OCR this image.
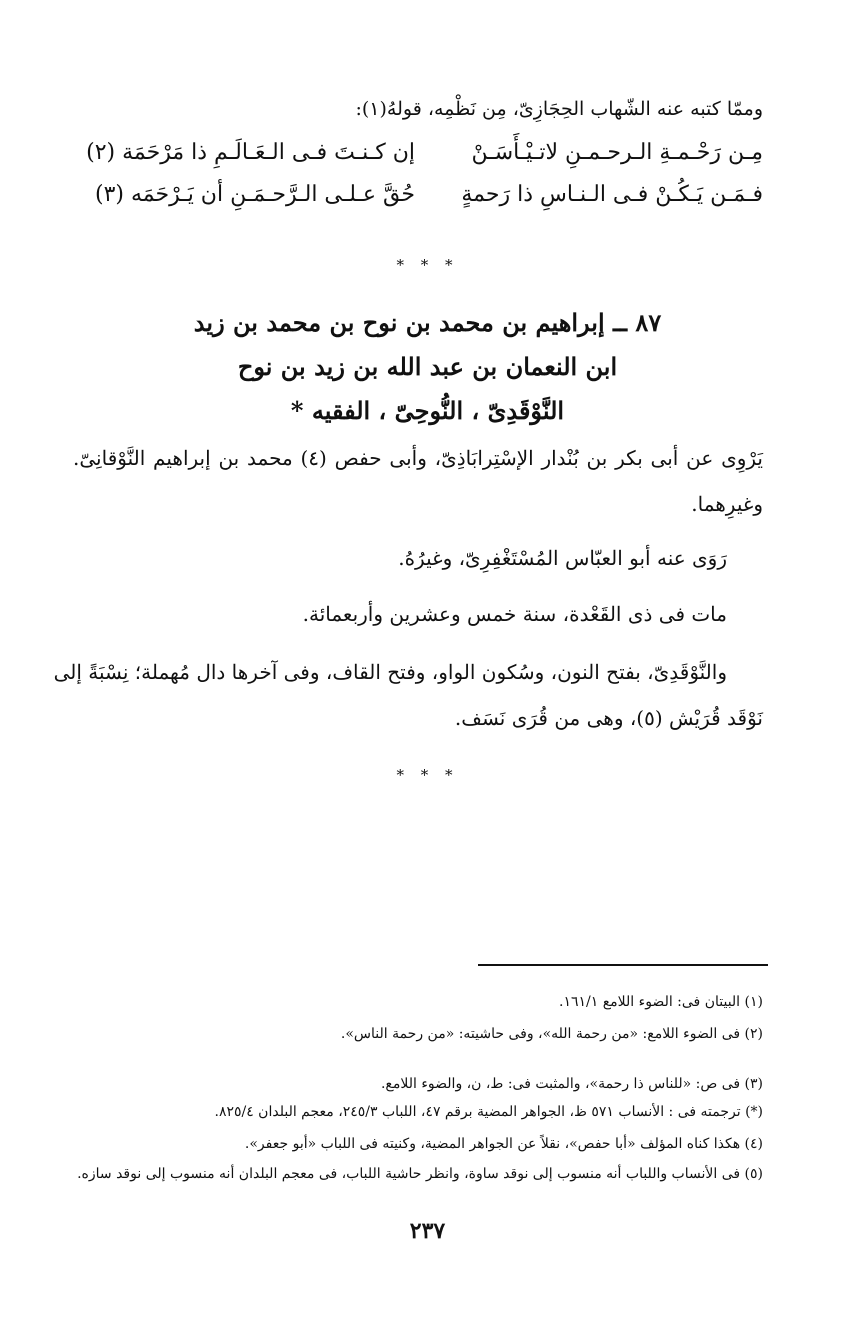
وممّا كتبه عنه الشّهاب الحِجَازِىّ، مِن نَظْمِه، قولهُ(١):
مِـن رَحْـمـةِ الـرحـمـنِ لاتـيْـأَسَـنْ
إن كـنـتَ فـى الـعَـالَـمِ ذا مَرْحَمَة (٢)
فـمَـن يَـكُـنْ فـى الـنـاسِ ذا رَحمةٍ
حُقَّ عـلـى الـرَّحـمَـنِ أن يَـرْحَمَه (٣)
* * *
٨٧ ــ إبراهيم بن محمد بن نوح بن محمد بن زيد
ابن النعمان بن عبد الله بن زيد بن نوح
النَّوْقَدِىّ ، النُّوحِىّ ، الفقيه *
يَرْوِى عن أبى بكر بن بُنْدار الإسْتِرابَاذِىّ، وأبى حفص (٤) محمد بن إبراهيم النَّوْقانِىّ.
وغيرِهما.
رَوَى عنه أبو العبّاس المُسْتَغْفِرِىّ، وغيرُهُ.
مات فى ذى القَعْدة، سنة خمس وعشرين وأربعمائة.
والنَّوْقَدِىّ، بفتح النون، وسُكون الواو، وفتح القاف، وفى آخرها دال مُهملة؛ نِسْبَةً إلى
نَوْقَد قُرَيْش (٥)، وهى من قُرَى نَسَف.
* * *
(١) البيتان فى: الضوء اللامع ١٦١/١.
(٢) فى الضوء اللامع: «من رحمة الله»، وفى حاشيته: «من رحمة الناس».
(٣) فى ص: «للناس ذا رحمة»، والمثبت فى: ط، ن، والضوء اللامع.
(*) ترجمته فى : الأنساب ٥٧١ ظ، الجواهر المضية برقم ٤٧، اللباب ٢٤٥/٣، معجم البلدان ٨٢٥/٤.
(٤) هكذا كناه المؤلف «أبا حفص»، نقلاً عن الجواهر المضية، وكنيته فى اللباب «أبو جعفر».
(٥) فى الأنساب واللباب أنه منسوب إلى نوقد ساوة، وانظر حاشية اللباب، فى معجم البلدان أنه منسوب إلى نوقد سازه.
٢٣٧
